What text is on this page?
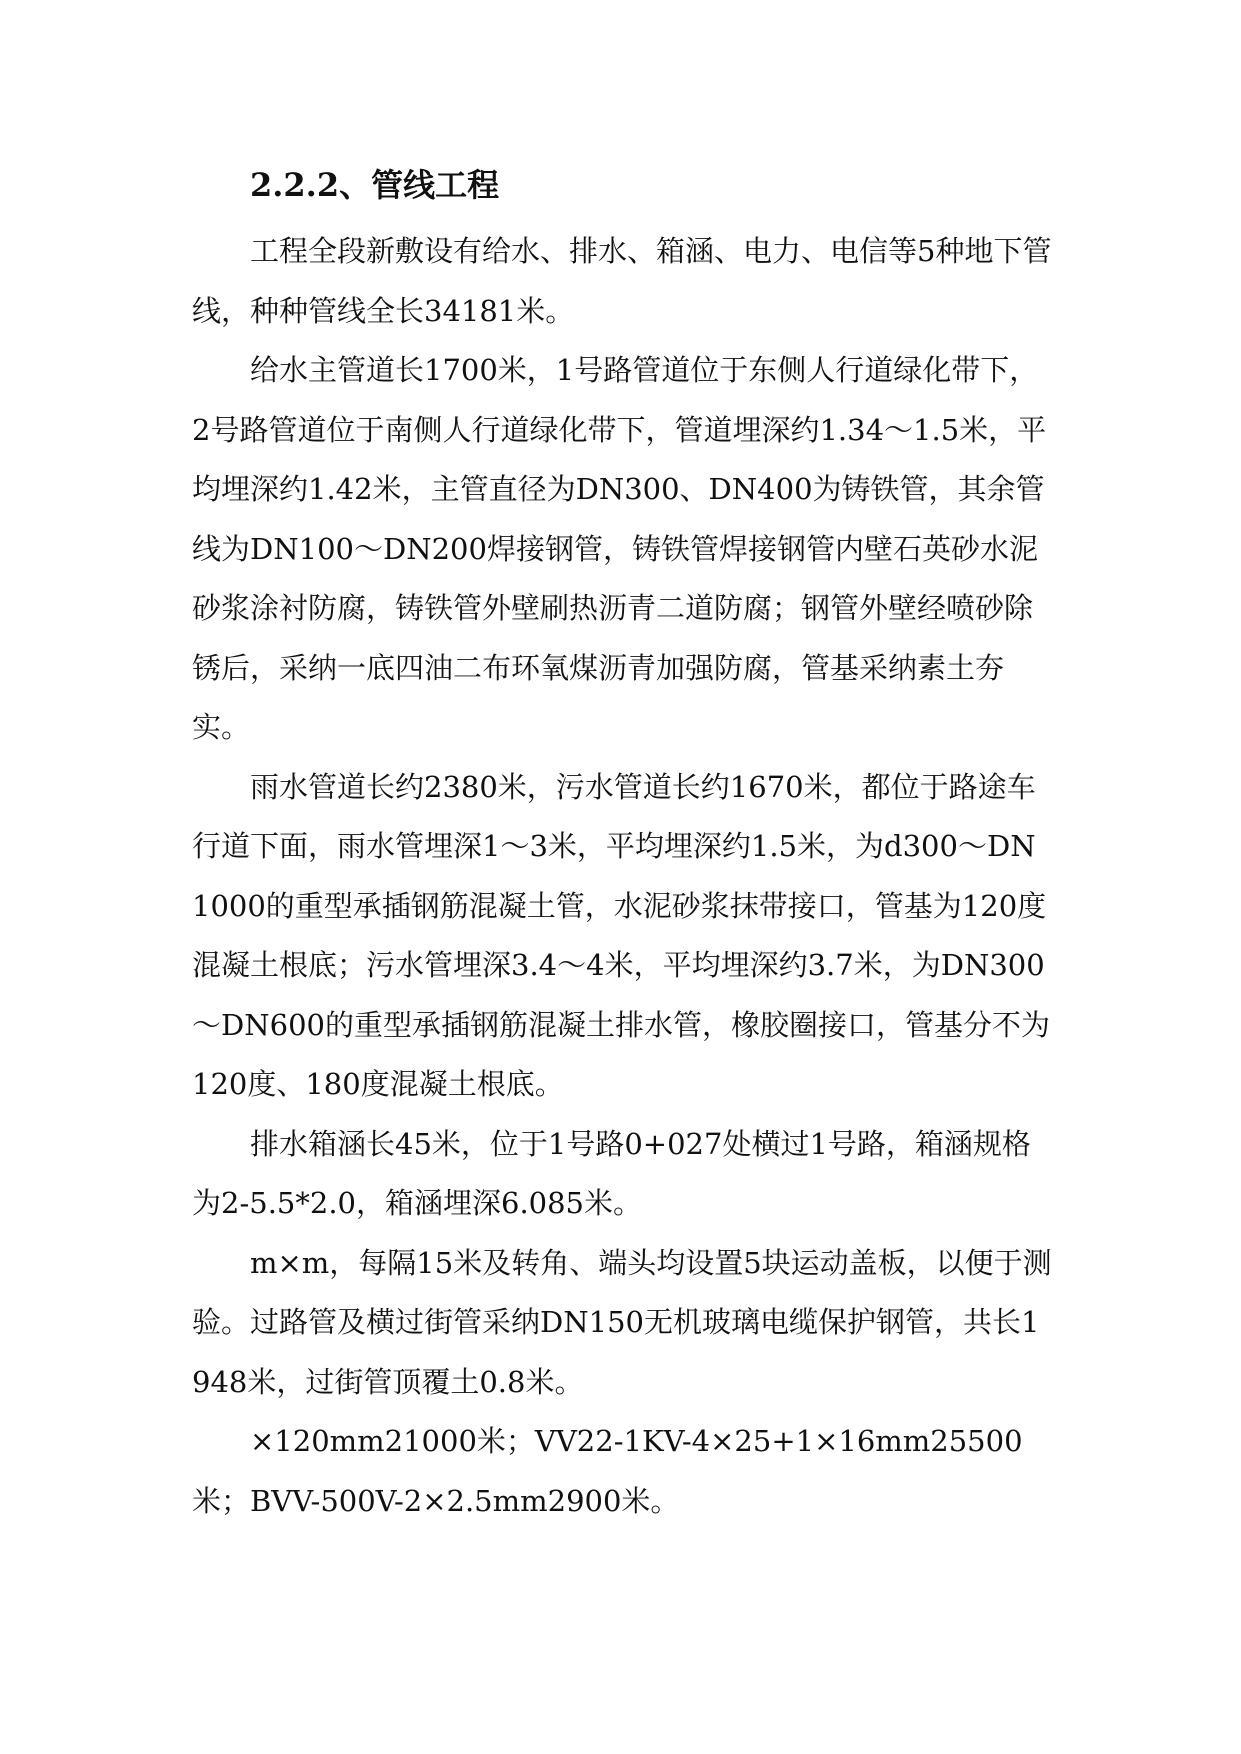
2.2.2、管线工程

工程全段新敷设有给水、排水、箱涵、电力、电信等5种地下管线，种种管线全长34181米。

给水主管道长1700米，1号路管道位于东侧人行道绿化带下，2号路管道位于南侧人行道绿化带下，管道埋深约1.34～1.5米，平均埋深约1.42米，主管直径为DN300、DN400为铸铁管，其余管线为DN100～DN200焊接钢管，铸铁管焊接钢管内壁石英砂水泥砂浆涂衬防腐，铸铁管外壁刷热沥青二道防腐；钢管外壁经喷砂除锈后，采纳一底四油二布环氧煤沥青加强防腐，管基采纳素土夯实。

雨水管道长约2380米，污水管道长约1670米，都位于路途车行道下面，雨水管埋深1～3米，平均埋深约1.5米，为d300～DN1000的重型承插钢筋混凝土管，水泥砂浆抹带接口，管基为120度混凝土根底；污水管埋深3.4～4米，平均埋深约3.7米，为DN300～DN600的重型承插钢筋混凝土排水管，橡胶圈接口，管基分不为120度、180度混凝土根底。

排水箱涵长45米，位于1号路0+027处横过1号路，箱涵规格为2-5.5*2.0，箱涵埋深6.085米。

m×m，每隔15米及转角、端头均设置5块运动盖板，以便于测验。过路管及横过街管采纳DN150无机玻璃电缆保护钢管，共长1948米，过街管顶覆土0.8米。

×120mm21000米；VV22-1KV-4×25+1×16mm25500米；BVV-500V-2×2.5mm2900米。
